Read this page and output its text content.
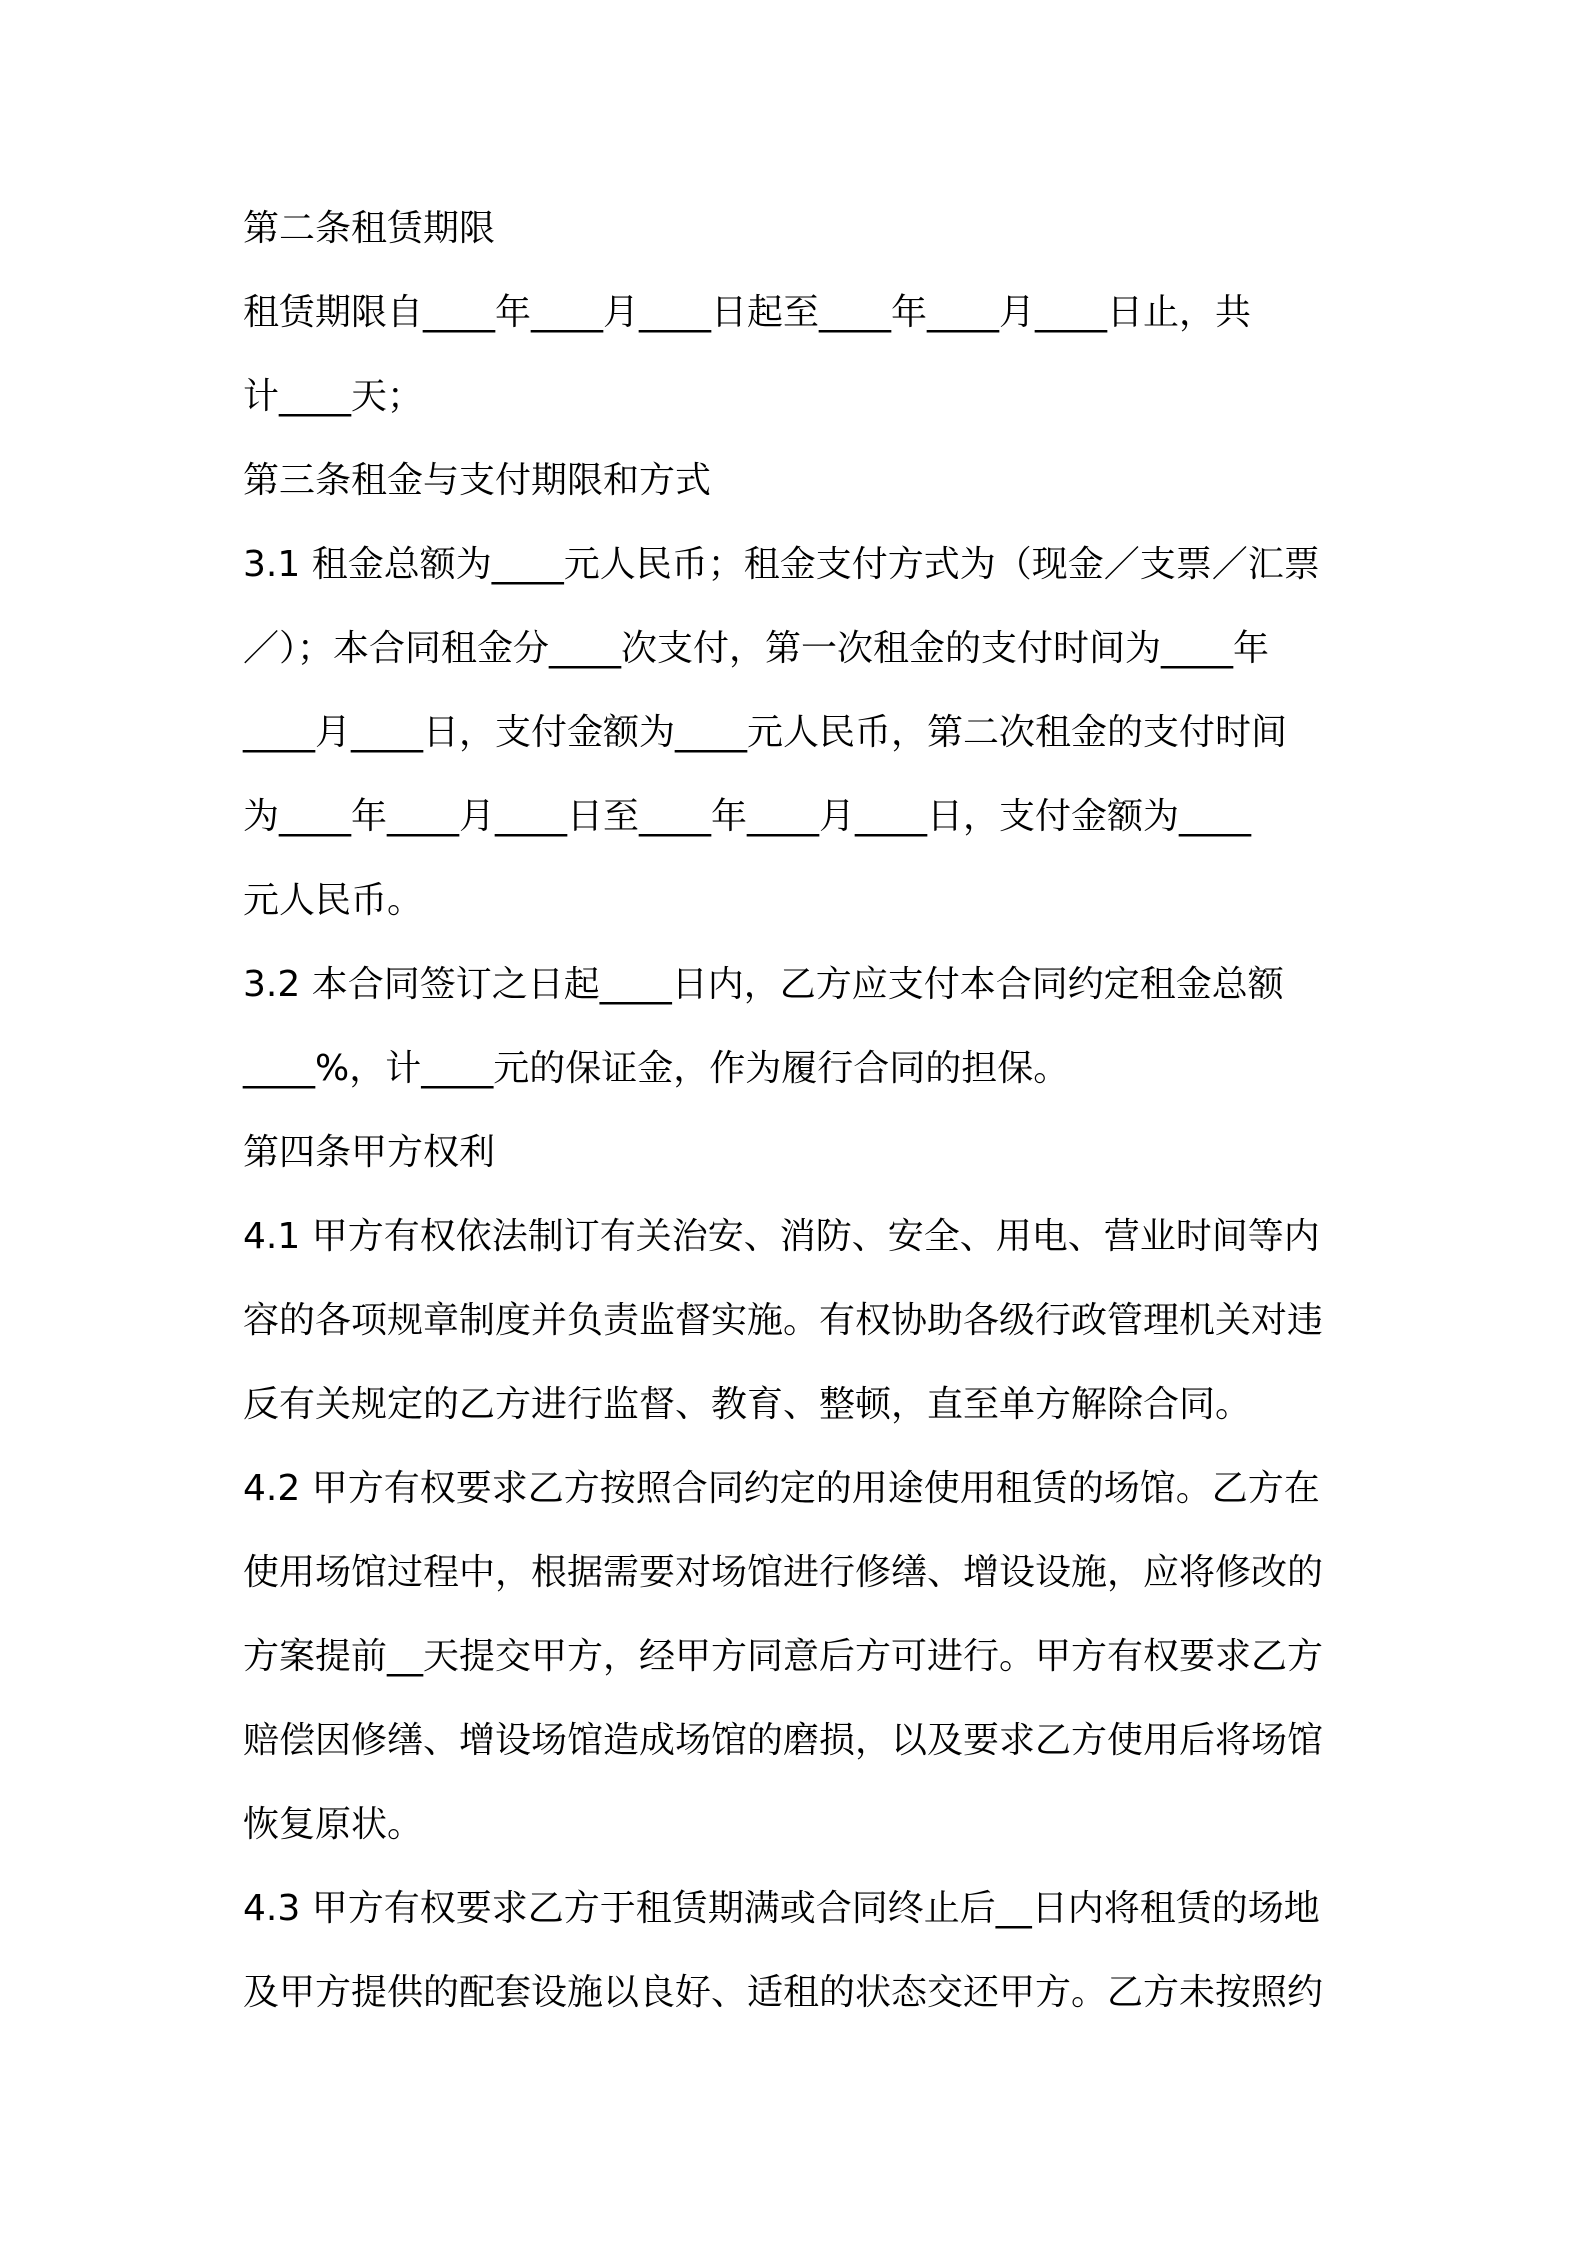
第二条租赁期限

租赁期限自____年____月____日起至____年____月____日止，共

计____天；

第三条租金与支付期限和方式

3.1 租金总额为____元人民币；租金支付方式为（现金／支票／汇票

／）；本合同租金分____次支付，第一次租金的支付时间为____年

____月____日，支付金额为____元人民币，第二次租金的支付时间

为____年____月____日至____年____月____日，支付金额为____

元人民币。

3.2 本合同签订之日起____日内，乙方应支付本合同约定租金总额

____%，计____元的保证金，作为履行合同的担保。

第四条甲方权利

4.1 甲方有权依法制订有关治安、消防、安全、用电、营业时间等内

容的各项规章制度并负责监督实施。有权协助各级行政管理机关对违

反有关规定的乙方进行监督、教育、整顿，直至单方解除合同。

4.2 甲方有权要求乙方按照合同约定的用途使用租赁的场馆。乙方在

使用场馆过程中，根据需要对场馆进行修缮、增设设施，应将修改的

方案提前__天提交甲方，经甲方同意后方可进行。甲方有权要求乙方

赔偿因修缮、增设场馆造成场馆的磨损，以及要求乙方使用后将场馆

恢复原状。

4.3 甲方有权要求乙方于租赁期满或合同终止后__日内将租赁的场地

及甲方提供的配套设施以良好、适租的状态交还甲方。乙方未按照约
